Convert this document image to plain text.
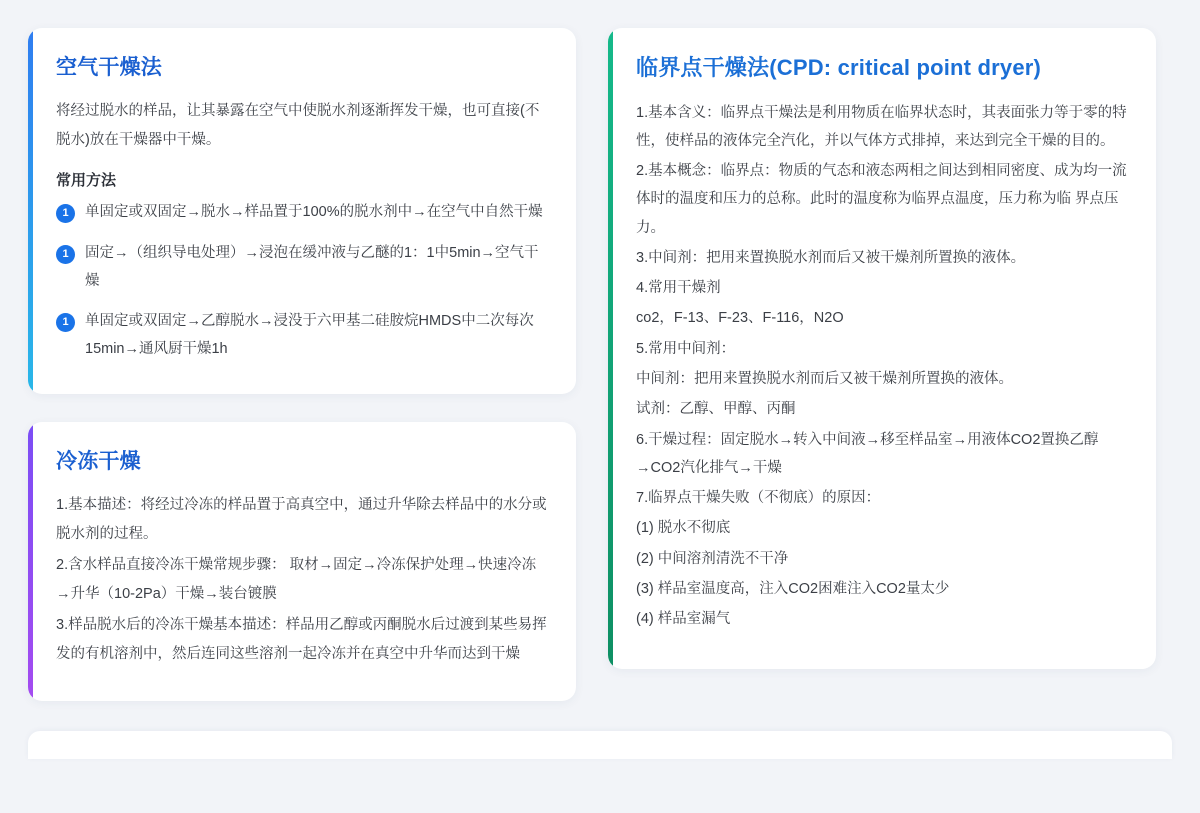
空气干燥法

将经过脱水的样品，让其暴露在空气中使脱水剂逐渐挥发干燥，也可直接(不脱水)放在干燥器中干燥。

常用方法
1	单固定或双固定→脱水→样品置于100%的脱水剂中→在空气中自然干燥
1	固定→（组织导电处理）→浸泡在缓冲液与乙醚的1：1中5min→空气干燥
1	单固定或双固定→乙醇脱水→浸没于六甲基二硅胺烷HMDS中二次每次15min→通风厨干燥1h
冷冻干燥

1.基本描述：将经过冷冻的样品置于高真空中，通过升华除去样品中的水分或脱水剂的过程。

2.含水样品直接冷冻干燥常规步骤： 取材→固定→冷冻保护处理→快速冷冻→升华（10-2Pa）干燥→装台镀膜

3.样品脱水后的冷冻干燥基本描述：样品用乙醇或丙酮脱水后过渡到某些易挥发的有机溶剂中，然后连同这些溶剂一起冷冻并在真空中升华而达到干燥

临界点干燥法(CPD: critical point dryer)

1.基本含义：临界点干燥法是利用物质在临界状态时，其表面张力等于零的特性，使样品的液体完全汽化，并以气体方式排掉，来达到完全干燥的目的。

2.基本概念：临界点：物质的气态和液态两相之间达到相同密度、成为均一流体时的温度和压力的总称。此时的温度称为临界点温度，压力称为临 界点压力。

3.中间剂：把用来置换脱水剂而后又被干燥剂所置换的液体。

4.常用干燥剂

co2，F-13、F-23、F-116，N2O

5.常用中间剂：

中间剂：把用来置换脱水剂而后又被干燥剂所置换的液体。

试剂：乙醇、甲醇、丙酮

6.干燥过程：固定脱水→转入中间液→移至样品室→用液体CO2置换乙醇 →CO2汽化排气→干燥

7.临界点干燥失败（不彻底）的原因：

(1) 脱水不彻底

(2) 中间溶剂清洗不干净

(3) 样品室温度高，注入CO2困难注入CO2量太少

(4) 样品室漏气
